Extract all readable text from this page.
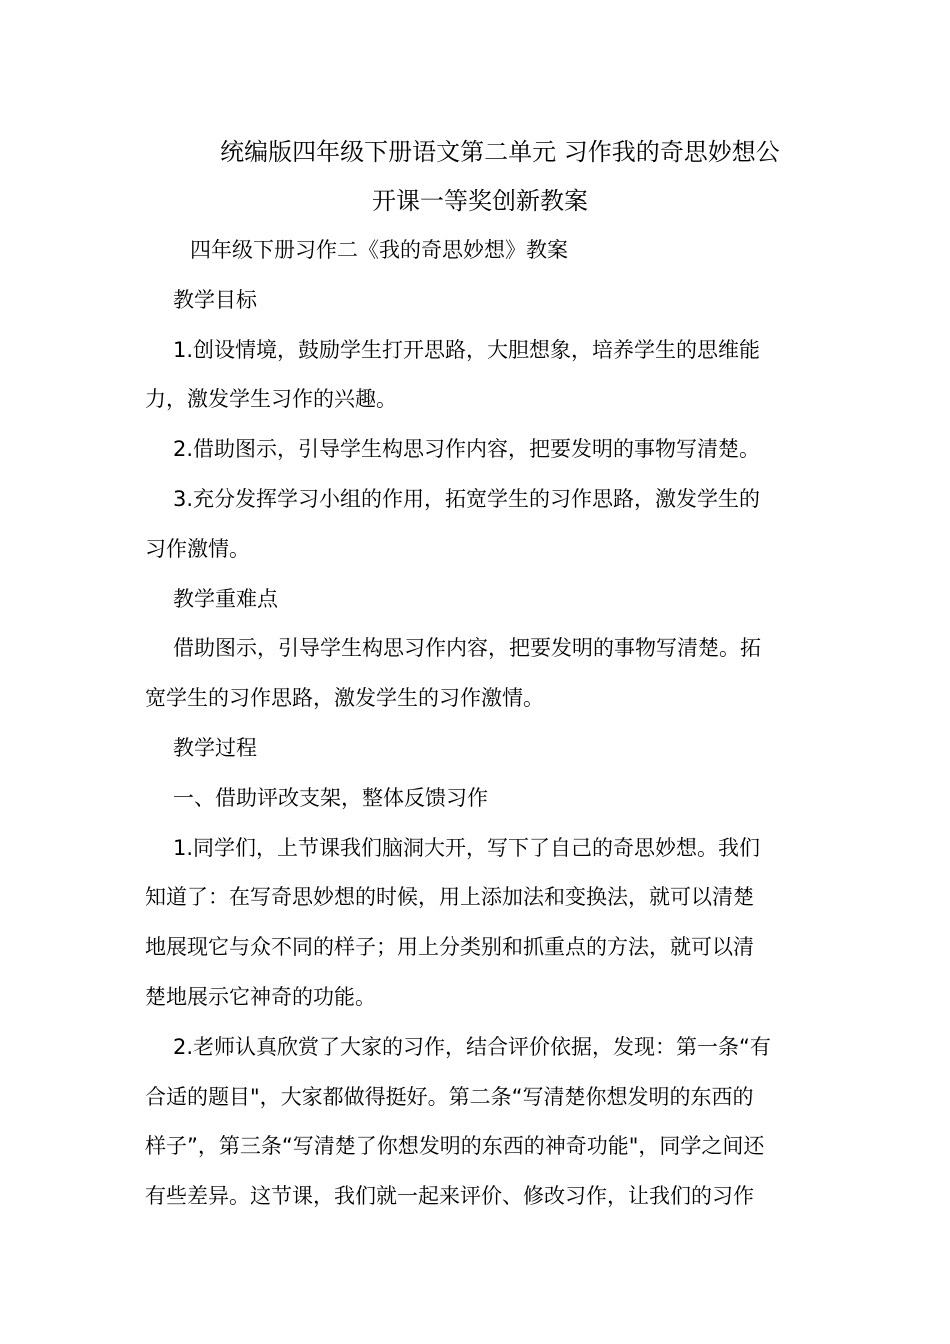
统编版四年级下册语文第二单元 习作我的奇思妙想公
开课一等奖创新教案
四年级下册习作二《我的奇思妙想》教案
教学目标
1.创设情境，鼓励学生打开思路，大胆想象，培养学生的思维能
力，激发学生习作的兴趣。
2.借助图示，引导学生构思习作内容，把要发明的事物写清楚。
3.充分发挥学习小组的作用，拓宽学生的习作思路，激发学生的
习作激情。
教学重难点
借助图示，引导学生构思习作内容，把要发明的事物写清楚。拓
宽学生的习作思路，激发学生的习作激情。
教学过程
一、借助评改支架，整体反馈习作
1.同学们，上节课我们脑洞大开，写下了自己的奇思妙想。我们
知道了：在写奇思妙想的时候，用上添加法和变换法，就可以清楚
地展现它与众不同的样子；用上分类别和抓重点的方法，就可以清
楚地展示它神奇的功能。
2.老师认真欣赏了大家的习作，结合评价依据，发现：第一条“有
合适的题目"，大家都做得挺好。第二条“写清楚你想发明的东西的
样子”，第三条“写清楚了你想发明的东西的神奇功能"，同学之间还
有些差异。这节课，我们就一起来评价、修改习作，让我们的习作
